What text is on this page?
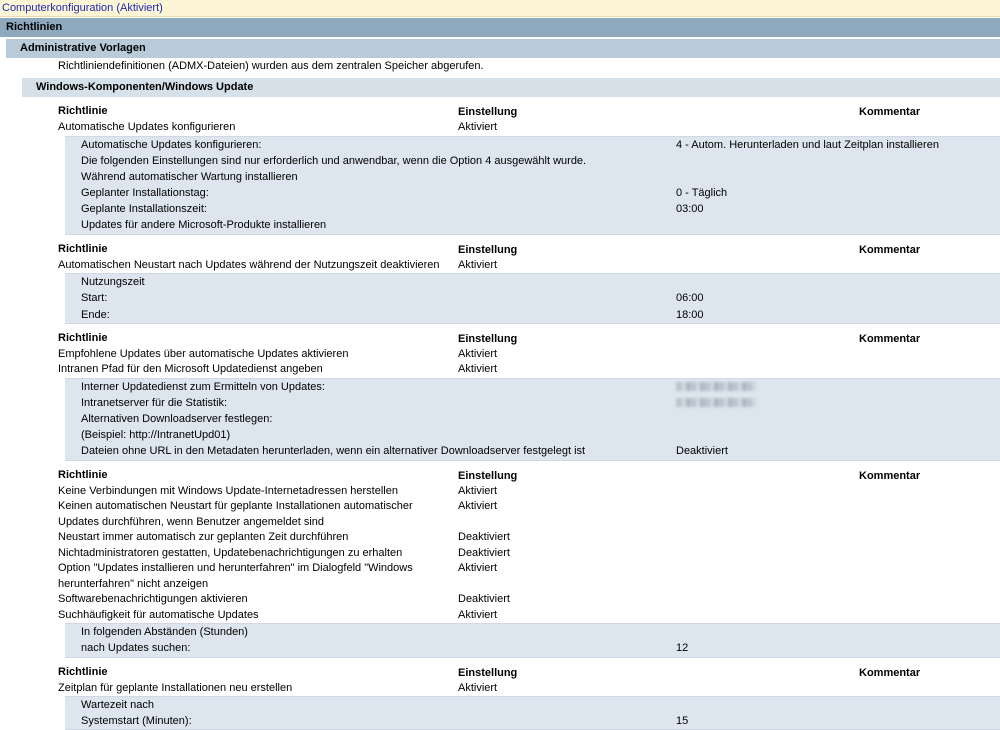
Computerkonfiguration (Aktiviert)
Richtlinien
Administrative Vorlagen
Richtliniendefinitionen (ADMX-Dateien) wurden aus dem zentralen Speicher abgerufen.
Windows-Komponenten/Windows Update
Richtlinie	Einstellung	Kommentar
Automatische Updates konfigurieren	Aktiviert
Automatische Updates konfigurieren:	4 - Autom. Herunterladen und laut Zeitplan installieren
Die folgenden Einstellungen sind nur erforderlich und anwendbar, wenn die Option 4 ausgewählt wurde.
Während automatischer Wartung installieren
Geplanter Installationstag:	0 - Täglich
Geplante Installationszeit:	03:00
Updates für andere Microsoft-Produkte installieren
Richtlinie	Einstellung	Kommentar
Automatischen Neustart nach Updates während der Nutzungszeit deaktivieren	Aktiviert
Nutzungszeit
Start:	06:00
Ende:	18:00
Richtlinie	Einstellung	Kommentar
Empfohlene Updates über automatische Updates aktivieren	Aktiviert
Intranen Pfad für den Microsoft Updatedienst angeben	Aktiviert
Interner Updatedienst zum Ermitteln von Updates:
Intranetserver für die Statistik:
Alternativen Downloadserver festlegen:
(Beispiel: http://IntranetUpd01)
Dateien ohne URL in den Metadaten herunterladen, wenn ein alternativer Downloadserver festgelegt ist	Deaktiviert
Richtlinie	Einstellung	Kommentar
Keine Verbindungen mit Windows Update-Internetadressen herstellen	Aktiviert
Keinen automatischen Neustart für geplante Installationen automatischer Updates durchführen, wenn Benutzer angemeldet sind
Aktiviert
Neustart immer automatisch zur geplanten Zeit durchführen	Deaktiviert
Nichtadministratoren gestatten, Updatebenachrichtigungen zu erhalten	Deaktiviert
Option "Updates installieren und herunterfahren" im Dialogfeld "Windows herunterfahren" nicht anzeigen
Aktiviert
Softwarebenachrichtigungen aktivieren	Deaktiviert
Suchhäufigkeit für automatische Updates	Aktiviert
In folgenden Abständen (Stunden)
nach Updates suchen:	12
Richtlinie	Einstellung	Kommentar
Zeitplan für geplante Installationen neu erstellen	Aktiviert
Wartezeit nach
Systemstart (Minuten):	15
